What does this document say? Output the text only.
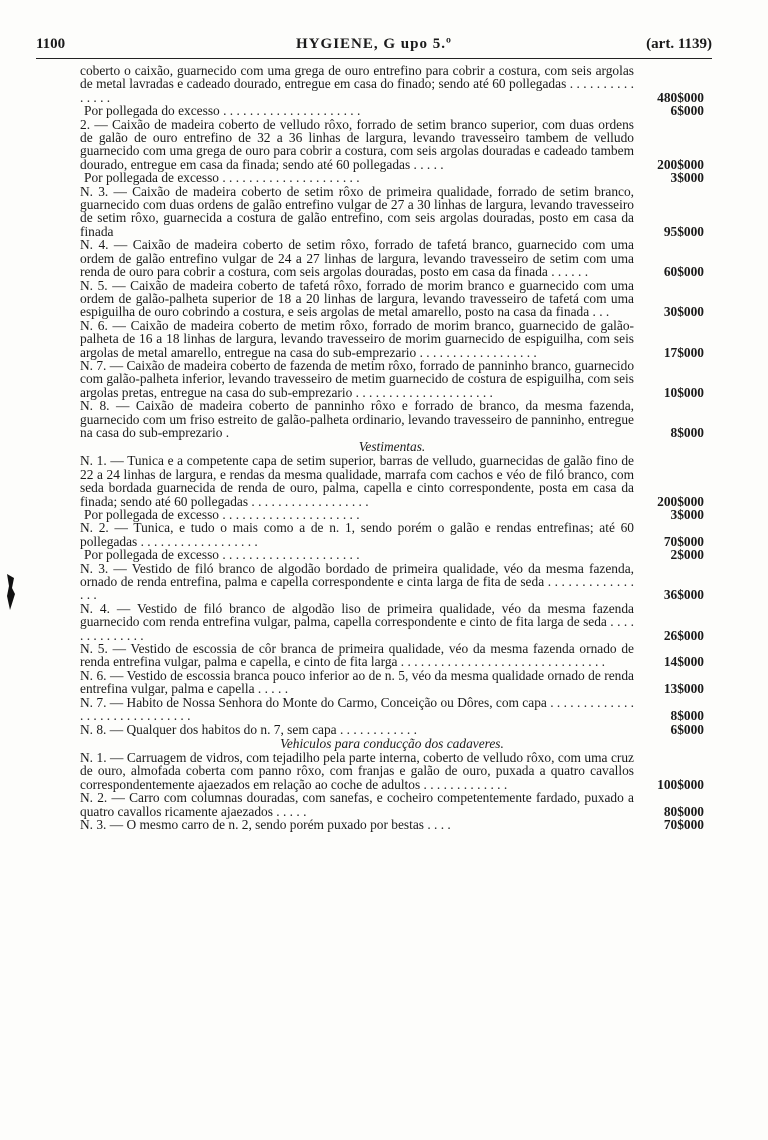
1100	HYGIENE, G upo 5.º	(art. 1139)
coberto o caixão, guarnecido com uma grega de ouro entrefino para cobrir a costura, com seis argolas de metal lavradas e cadeado dourado, entregue em casa do finado; sendo até 60 pollegadas . . . . . . . . . . . . . . .	480$000
Por pollegada do excesso . . . . . . . . . . . . . . . . . . . . .	6$000
2. — Caixão de madeira coberto de velludo rôxo, forrado de setim branco superior, com duas ordens de galão de ouro entrefino de 32 a 36 linhas de largura, levando travesseiro tambem de velludo guarnecido com uma grega de ouro para cobrir a costura, com seis argolas douradas e cadeado tambem dourado, entregue em casa da finada; sendo até 60 pollegadas . . . . .	200$000
Por pollegada de excesso . . . . . . . . . . . . . . . . . . . . .	3$000
N. 3. — Caixão de madeira coberto de setim rôxo de primeira qualidade, forrado de setim branco, guarnecido com duas ordens de galão entrefino vulgar de 27 a 30 linhas de largura, levando travesseiro de setim rôxo, guarnecida a costura de galão entrefino, com seis argolas douradas, posto em casa da finada	95$000
N. 4. — Caixão de madeira coberto de setim rôxo, forrado de tafetá branco, guarnecido com uma ordem de galão entrefino vulgar de 24 a 27 linhas de largura, levando travesseiro de setim com uma renda de ouro para cobrir a costura, com seis argolas douradas, posto em casa da finada . . . . . .	60$000
N. 5. — Caixão de madeira coberto de tafetá rôxo, forrado de morim branco e guarnecido com uma ordem de galão-palheta superior de 18 a 20 linhas de largura, levando travesseiro de tafetá com uma espiguilha de ouro cobrindo a costura, e seis argolas de metal amarello, posto na casa da finada . . .	30$000
N. 6. — Caixão de madeira coberto de metim rôxo, forrado de morim branco, guarnecido de galão-palheta de 16 a 18 linhas de largura, levando travesseiro de morim guarnecido de espiguilha, com seis argolas de metal amarello, entregue na casa do sub-emprezario . . . . . . . . . . . . . . . . . .	17$000
N. 7. — Caixão de madeira coberto de fazenda de metim rôxo, forrado de panninho branco, guarnecido com galão-palheta inferior, levando travesseiro de metim guarnecido de costura de espiguilha, com seis argolas pretas, entregue na casa do sub-emprezario . . . . . . . . . . . . . . . . . . . . .	10$000
N. 8. — Caixão de madeira coberto de panninho rôxo e forrado de branco, da mesma fazenda, guarnecido com um friso estreito de galão-palheta ordinario, levando travesseiro de panninho, entregue na casa do sub-emprezario .	8$000
Vestimentas.
N. 1. — Tunica e a competente capa de setim superior, barras de velludo, guarnecidas de galão fino de 22 a 24 linhas de largura, e rendas da mesma qualidade, marrafa com cachos e véo de filó branco, com seda bordada guarnecida de renda de ouro, palma, capella e cinto correspondente, posta em casa da finada; sendo até 60 pollegadas . . . . . . . . . . . . . . . . . .	200$000
Por pollegada de excesso . . . . . . . . . . . . . . . . . . . . .	3$000
N. 2. — Tunica, e tudo o mais como a de n. 1, sendo porém o galão e rendas entrefinas; até 60 pollegadas . . . . . . . . . . . . . . . . . .	70$000
Por pollegada de excesso . . . . . . . . . . . . . . . . . . . . .	2$000
N. 3. — Vestido de filó branco de algodão bordado de primeira qualidade, véo da mesma fazenda, ornado de renda entrefina, palma e capella correspondente e cinta larga de fita de seda . . . . . . . . . . . . . . . .	36$000
N. 4. — Vestido de filó branco de algodão liso de primeira qualidade, véo da mesma fazenda guarnecido com renda entrefina vulgar, palma, capella correspondente e cinto de fita larga de seda . . . . . . . . . . . . . .	26$000
N. 5. — Vestido de escossia de côr branca de primeira qualidade, véo da mesma fazenda ornado de renda entrefina vulgar, palma e capella, e cinto de fita larga . . . . . . . . . . . . . . . . . . . . . . . . . . . . . . .	14$000
N. 6. — Vestido de escossia branca pouco inferior ao de n. 5, véo da mesma qualidade ornado de renda entrefina vulgar, palma e capella . . . . .	13$000
N. 7. — Habito de Nossa Senhora do Monte do Carmo, Conceição ou Dôres, com capa . . . . . . . . . . . . . . . . . . . . . . . . . . . . . .	8$000
N. 8. — Qualquer dos habitos do n. 7, sem capa . . . . . . . . . . . .	6$000
Vehiculos para conducção dos cadaveres.
N. 1. — Carruagem de vidros, com tejadilho pela parte interna, coberto de velludo rôxo, com uma cruz de ouro, almofada coberta com panno rôxo, com franjas e galão de ouro, puxada a quatro cavallos correspondentemente ajaezados em relação ao coche de adultos . . . . . . . . . . . . .	100$000
N. 2. — Carro com columnas douradas, com sanefas, e cocheiro competentemente fardado, puxado a quatro cavallos ricamente ajaezados . . . . .	80$000
N. 3. — O mesmo carro de n. 2, sendo porém puxado por bestas . . . .	70$000
